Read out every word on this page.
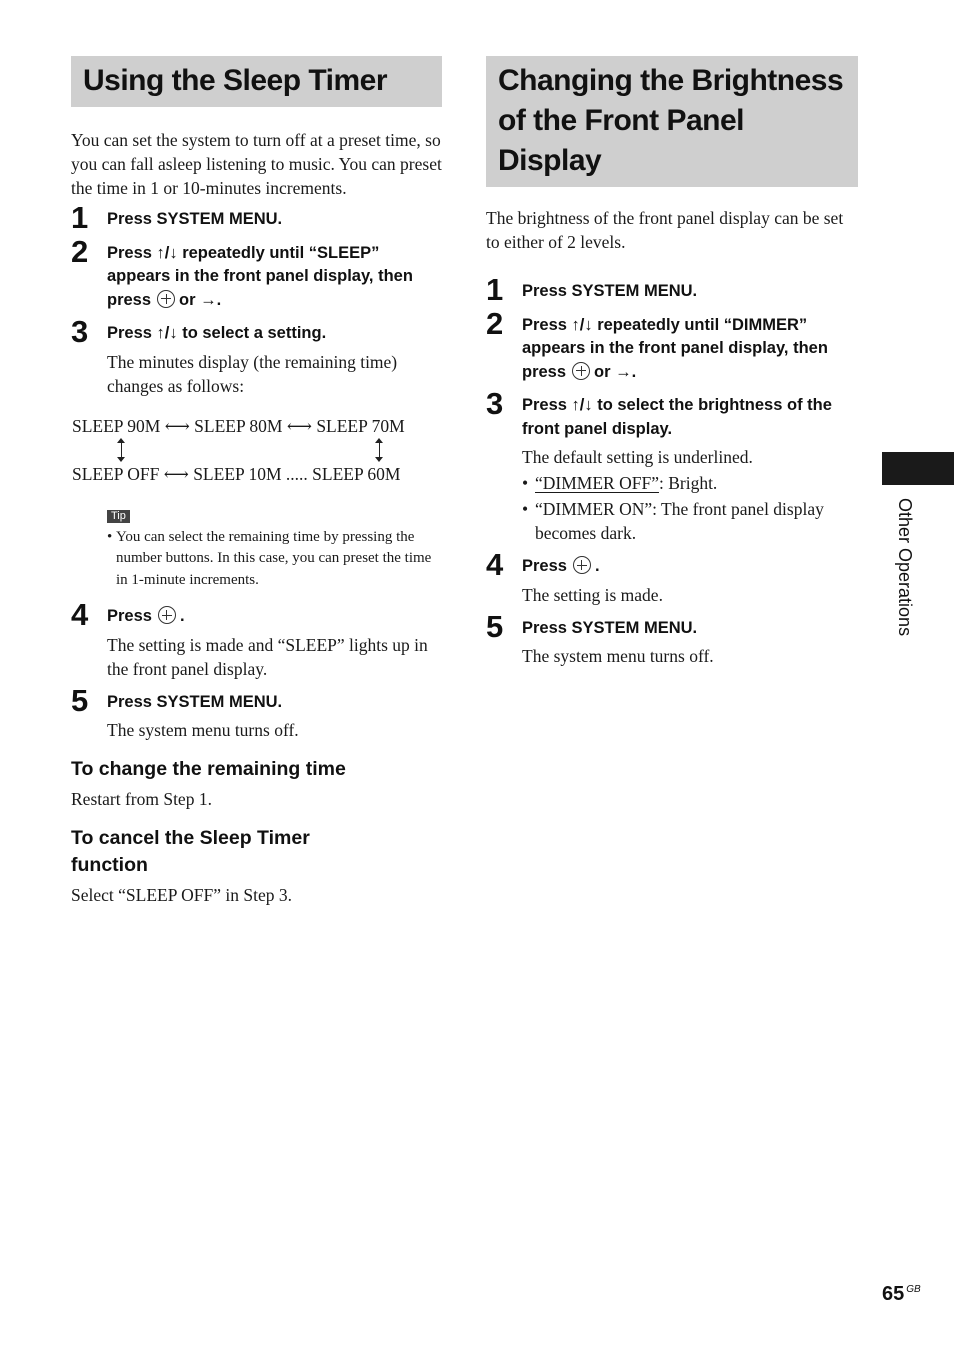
Using the Sleep Timer

You can set the system to turn off at a preset time, so you can fall asleep listening to music. You can preset the time in 1 or 10-minutes increments.

1 Press SYSTEM MENU.
2 Press ↑/↓ repeatedly until “SLEEP” appears in the front panel display, then press or →.
3 Press ↑/↓ to select a setting.
The minutes display (the remaining time) changes as follows:
SLEEP 90M ⟷ SLEEP 80M ⟷ SLEEP 70M
SLEEP OFF ⟷ SLEEP 10M ..... SLEEP 60M
Tip
• You can select the remaining time by pressing the number buttons. In this case, you can preset the time in 1-minute increments.
4 Press .
The setting is made and “SLEEP” lights up in the front panel display.
5 Press SYSTEM MENU.
The system menu turns off.
To change the remaining time
Restart from Step 1.
To cancel the Sleep Timer function
Select “SLEEP OFF” in Step 3.
Changing the Brightness
of the Front Panel Display

The brightness of the front panel display can be set to either of 2 levels.

1 Press SYSTEM MENU.
2 Press ↑/↓ repeatedly until “DIMMER” appears in the front panel display, then press or →.
3 Press ↑/↓ to select the brightness of the front panel display.
The default setting is underlined.
• “DIMMER OFF”: Bright.
• “DIMMER ON”: The front panel display becomes dark.
4 Press .
The setting is made.
5 Press SYSTEM MENU.
The system menu turns off.
Other Operations
65 $^{GB}$
